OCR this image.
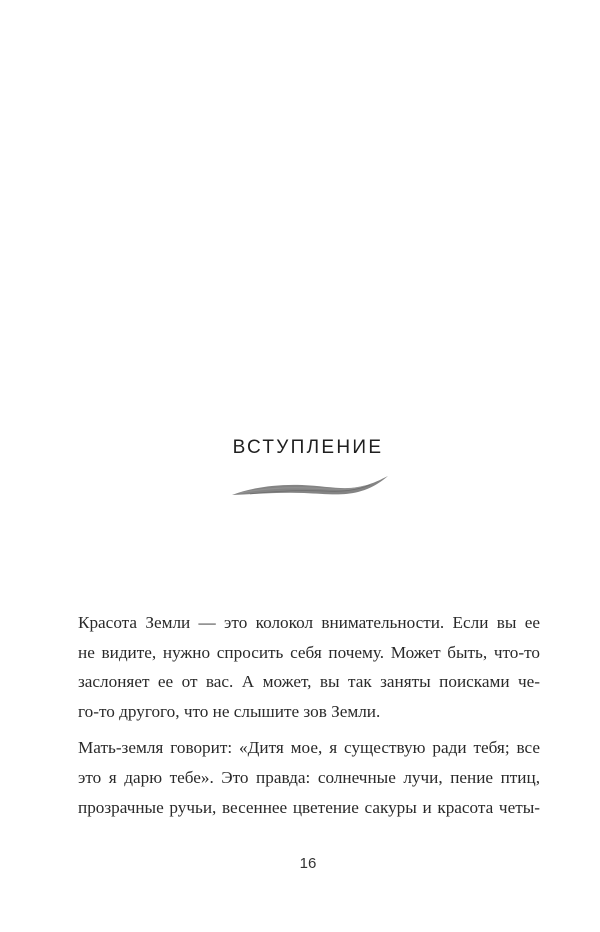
ВСТУПЛЕНИЕ

Красота Земли — это колокол внимательности. Если вы ее
не видите, нужно спросить себя почему. Может быть, что-то
заслоняет ее от вас. А может, вы так заняты поисками че-
го-то другого, что не слышите зов Земли.

Мать-земля говорит: «Дитя мое, я существую ради тебя; все
это я дарю тебе». Это правда: солнечные лучи, пение птиц,
прозрачные ручьи, весеннее цветение сакуры и красота четы-

16
